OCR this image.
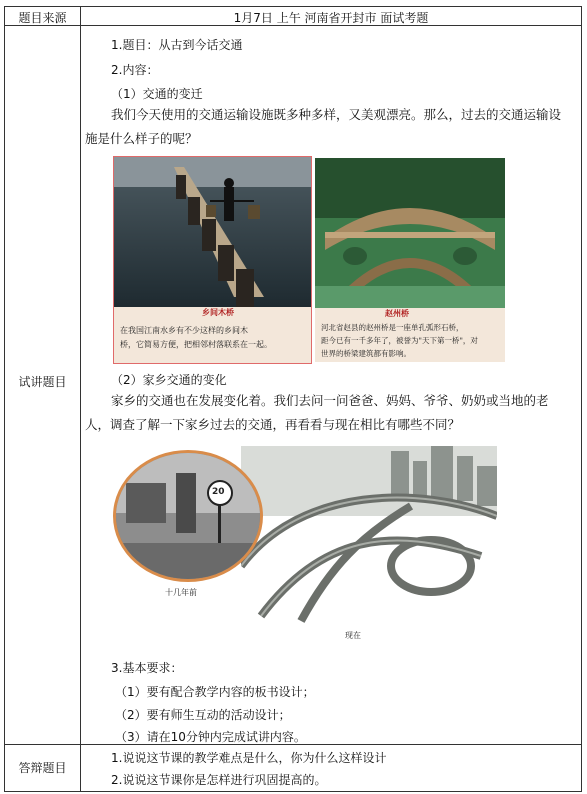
题目来源	1月7日 上午 河南省开封市 面试考题
试讲题目
答辩题目
1.题目：从古到今话交通
2.内容：
（1）交通的变迁
我们今天使用的交通运输设施既多种多样，又美观漂亮。那么，过去的交通运输设施是什么样子的呢？
乡间木桥
在我国江南水乡有不少这样的乡间木
桥，它简易方便，把相邻村落联系在一起。
赵州桥
河北省赵县的赵州桥是一座单孔弧形石桥，
距今已有一千多年了，被誉为"天下第一桥"，对
世界的桥梁建筑都有影响。
（2）家乡交通的变化
家乡的交通也在发展变化着。我们去问一问爸爸、妈妈、爷爷、奶奶或当地的老人，调查了解一下家乡过去的交通，再看看与现在相比有哪些不同？
20
十几年前
现在
3.基本要求：
（1）要有配合教学内容的板书设计；
（2）要有师生互动的活动设计；
（3）请在10分钟内完成试讲内容。
1.说说这节课的教学难点是什么，你为什么这样设计
2.说说这节课你是怎样进行巩固提高的。
